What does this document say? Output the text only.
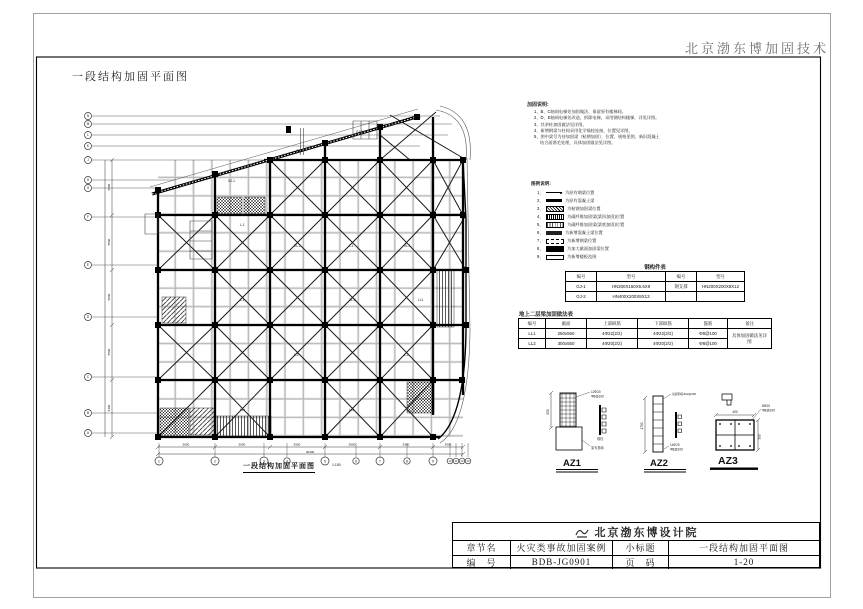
5600	5500	5500	5500	5300	3000
30400
5500
5500
5500
5500
5400
1	2	3	4	5	6	7	8	9	10 11 12 13
N
M
L
K
J
H
G
F
E
D
C
B
A
GJ-1
GJ-1
GJ-2
L-1
XL-1	L-1	XL-1
L-1	XL-2
L-2	L-1
LL1	LL2
LL1
550
12Φ20
Φ8@100
锚栓
原有基础
AZ1
1750
加固钢板Φ12@200
14Φ20
Φ8@100
AZ2
400
300
8Φ20
Φ8@100
AZ3
北京渤东博加固技术
一段结构加固平面图
加固说明:
1、B、C轴间电梯处加固做法，保留原有楼梯间。
2、D、E轴间电梯处改造，拆除电梯，采用钢结构楼梯，详见详图。
3、其余柱加固做法见详图。
4、新增钢梁与柱间采用化学锚栓连接，位置见详图。
5、图中梁号为待加固梁（粘钢加固），位置、规格见图，新旧混凝土
结合面凿毛处理，具体加固做法见详图。
图例说明:
1、	为原有钢梁位置
2、	为原有混凝土梁
3、	为粘钢加固梁位置
4、	为碳纤维加固梁(梁顶加固)位置
5、	为碳纤维加固梁(梁底加固)位置
6、	为新增混凝土梁位置
7、	为新增钢梁位置
8、	为加大截面加固梁位置
9、	为新增楼板范围
钢构件表
编号	型号	编号	型号
GJ-1	HN300X150X6.5X9	钢支撑	HN200X200X8X12
GJ-2	HN400X200X8X13		
地上二层梁加固做法表
编号	截面	上部纵筋	下部纵筋	箍筋	备注
LL1	250x550	4Φ22(2/2)	4Φ22(2/2)	Φ8@100	具体加固做法见详图
LL2	300x550	4Φ20(2/2)	4Φ20(2/2)	Φ8@100	
一段结构加固平面图	1:150
北京渤东博设计院
章节名	火灾类事故加固案例	小标题	一段结构加固平面图
编　号	BDB-JG0901	页　码	1-20
